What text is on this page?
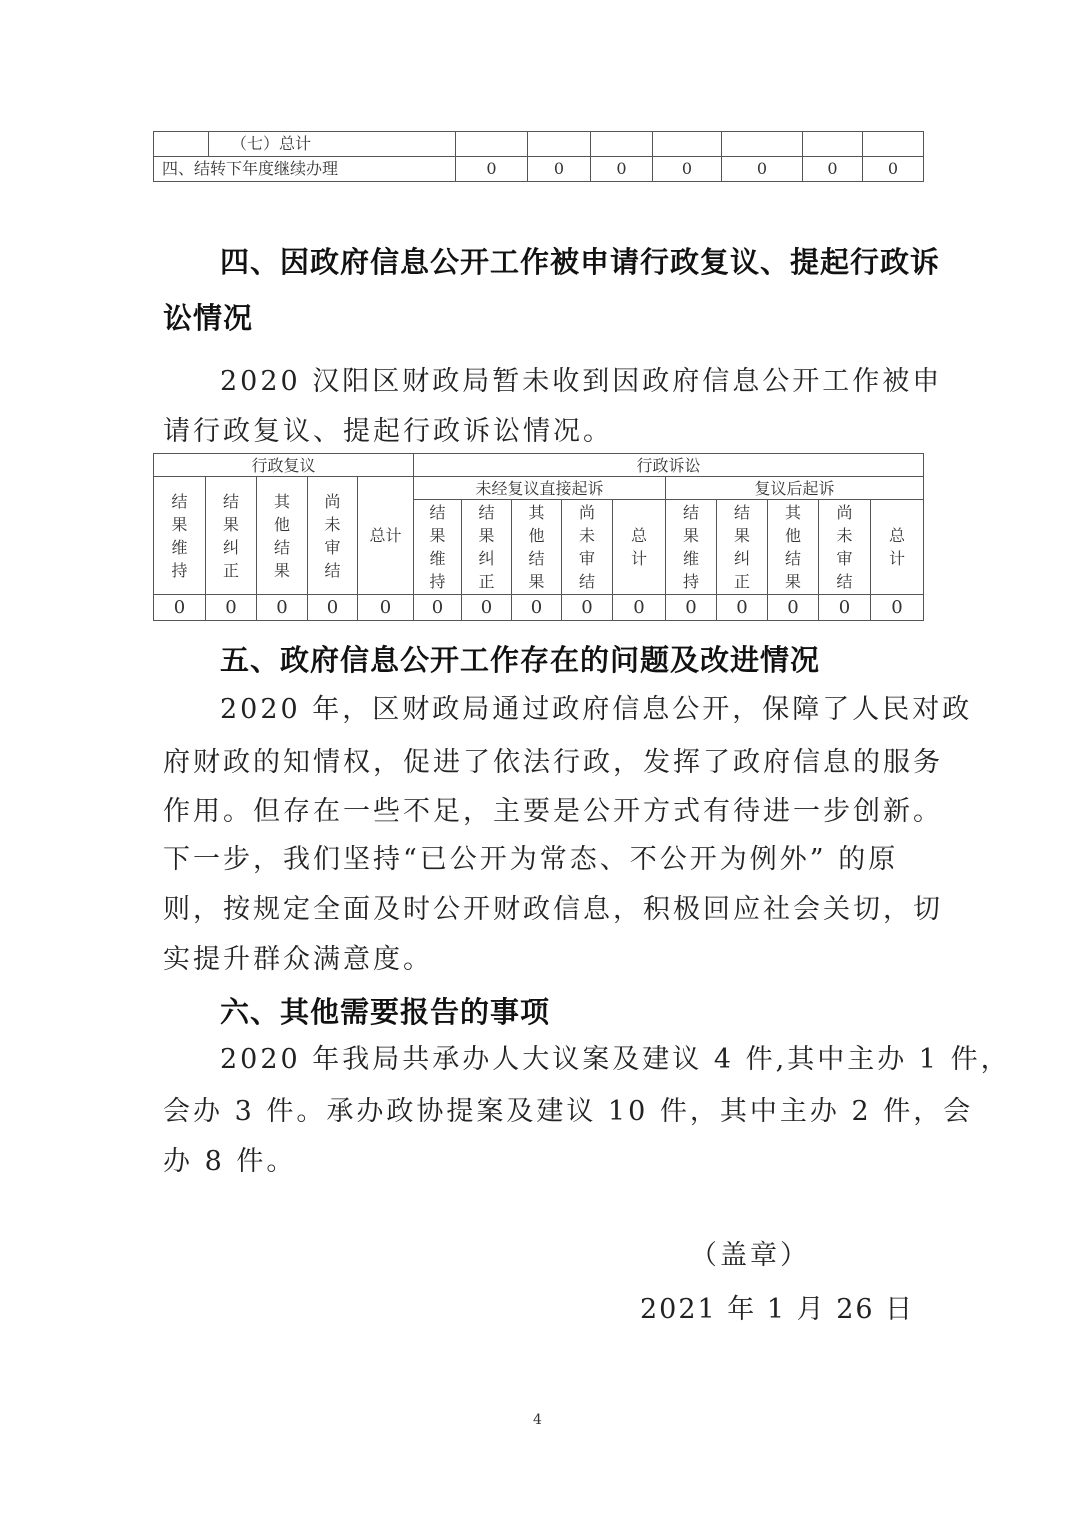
	（七）总计							
四、结转下年度继续办理		0	0	0	0	0	0	0
四、因政府信息公开工作被申请行政复议、提起行政诉
讼情况
2020 汉阳区财政局暂未收到因政府信息公开工作被申
请行政复议、提起行政诉讼情况。
行政复议					行政诉讼									
结果维持	结果纠正	其他结果	尚未审结	总计	未经复议直接起诉					复议后起诉				
					结果维持	结果纠正	其他结果	尚未审结	总计	结果维持	结果纠正	其他结果	尚未审结	总计
0	0	0	0	0	0	0	0	0	0	0	0	0	0	0
五、政府信息公开工作存在的问题及改进情况
2020 年，区财政局通过政府信息公开，保障了人民对政
府财政的知情权，促进了依法行政，发挥了政府信息的服务
作用。但存在一些不足，主要是公开方式有待进一步创新。
下一步，我们坚持“已公开为常态、不公开为例外” 的原
则，按规定全面及时公开财政信息，积极回应社会关切，切
实提升群众满意度。
六、其他需要报告的事项
2020 年我局共承办人大议案及建议 4 件,其中主办 1 件，
会办 3 件。承办政协提案及建议 10 件，其中主办 2 件，会
办 8 件。
（盖章）
2021 年 1 月 26 日
4
